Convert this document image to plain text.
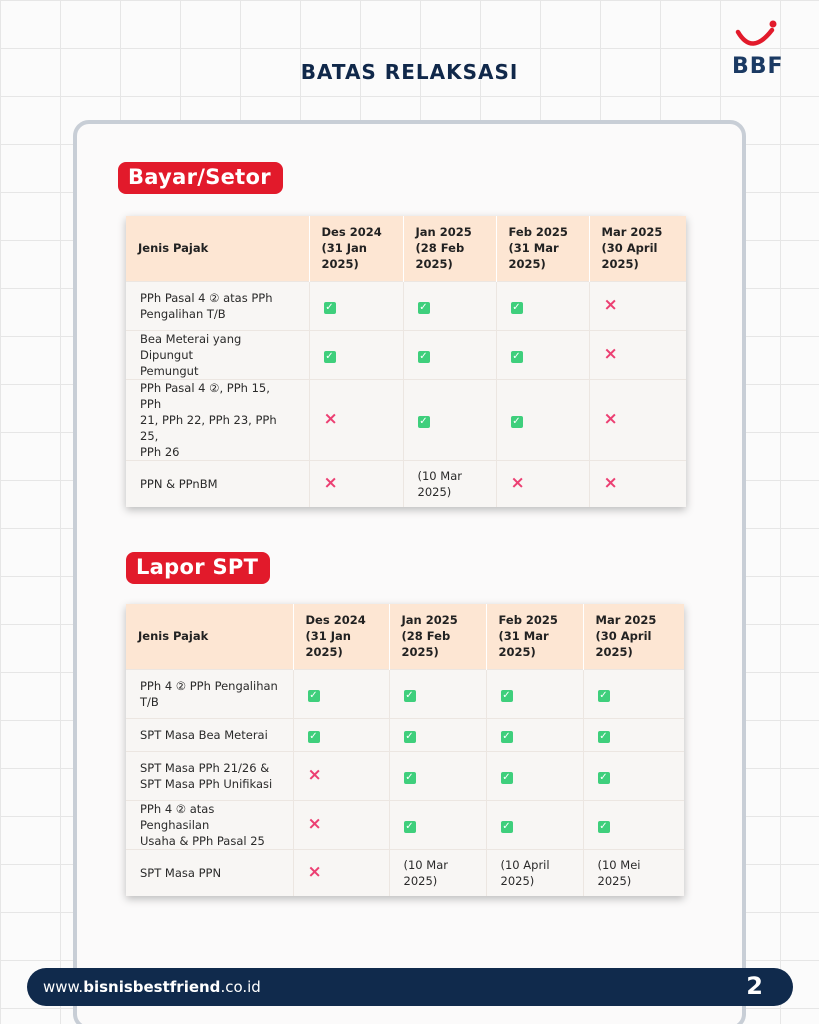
BATAS RELAKSASI	BBF
Bayar/Setor
Jenis Pajak	Des 2024
(31 Jan
2025)	Jan 2025
(28 Feb
2025)	Feb 2025
(31 Mar
2025)	Mar 2025
(30 April
2025)
PPh Pasal 4 ② atas PPh
Pengalihan T/B	✓	✓	✓	×
Bea Meterai yang Dipungut
Pemungut	✓	✓	✓	×
PPh Pasal 4 ②, PPh 15, PPh
21, PPh 22, PPh 23, PPh 25,
PPh 26	×	✓	✓	×
PPN & PPnBM	×	(10 Mar
2025)	×	×
Lapor SPT
Jenis Pajak	Des 2024
(31 Jan
2025)	Jan 2025
(28 Feb
2025)	Feb 2025
(31 Mar
2025)	Mar 2025
(30 April
2025)
PPh 4 ② PPh Pengalihan
T/B	✓	✓	✓	✓
SPT Masa Bea Meterai	✓	✓	✓	✓
SPT Masa PPh 21/26 &
SPT Masa PPh Unifikasi	×	✓	✓	✓
PPh 4 ② atas Penghasilan
Usaha & PPh Pasal 25	×	✓	✓	✓
SPT Masa PPN	×	(10 Mar
2025)	(10 April
2025)	(10 Mei 2025)
www.bisnisbestfriend.co.id	2
